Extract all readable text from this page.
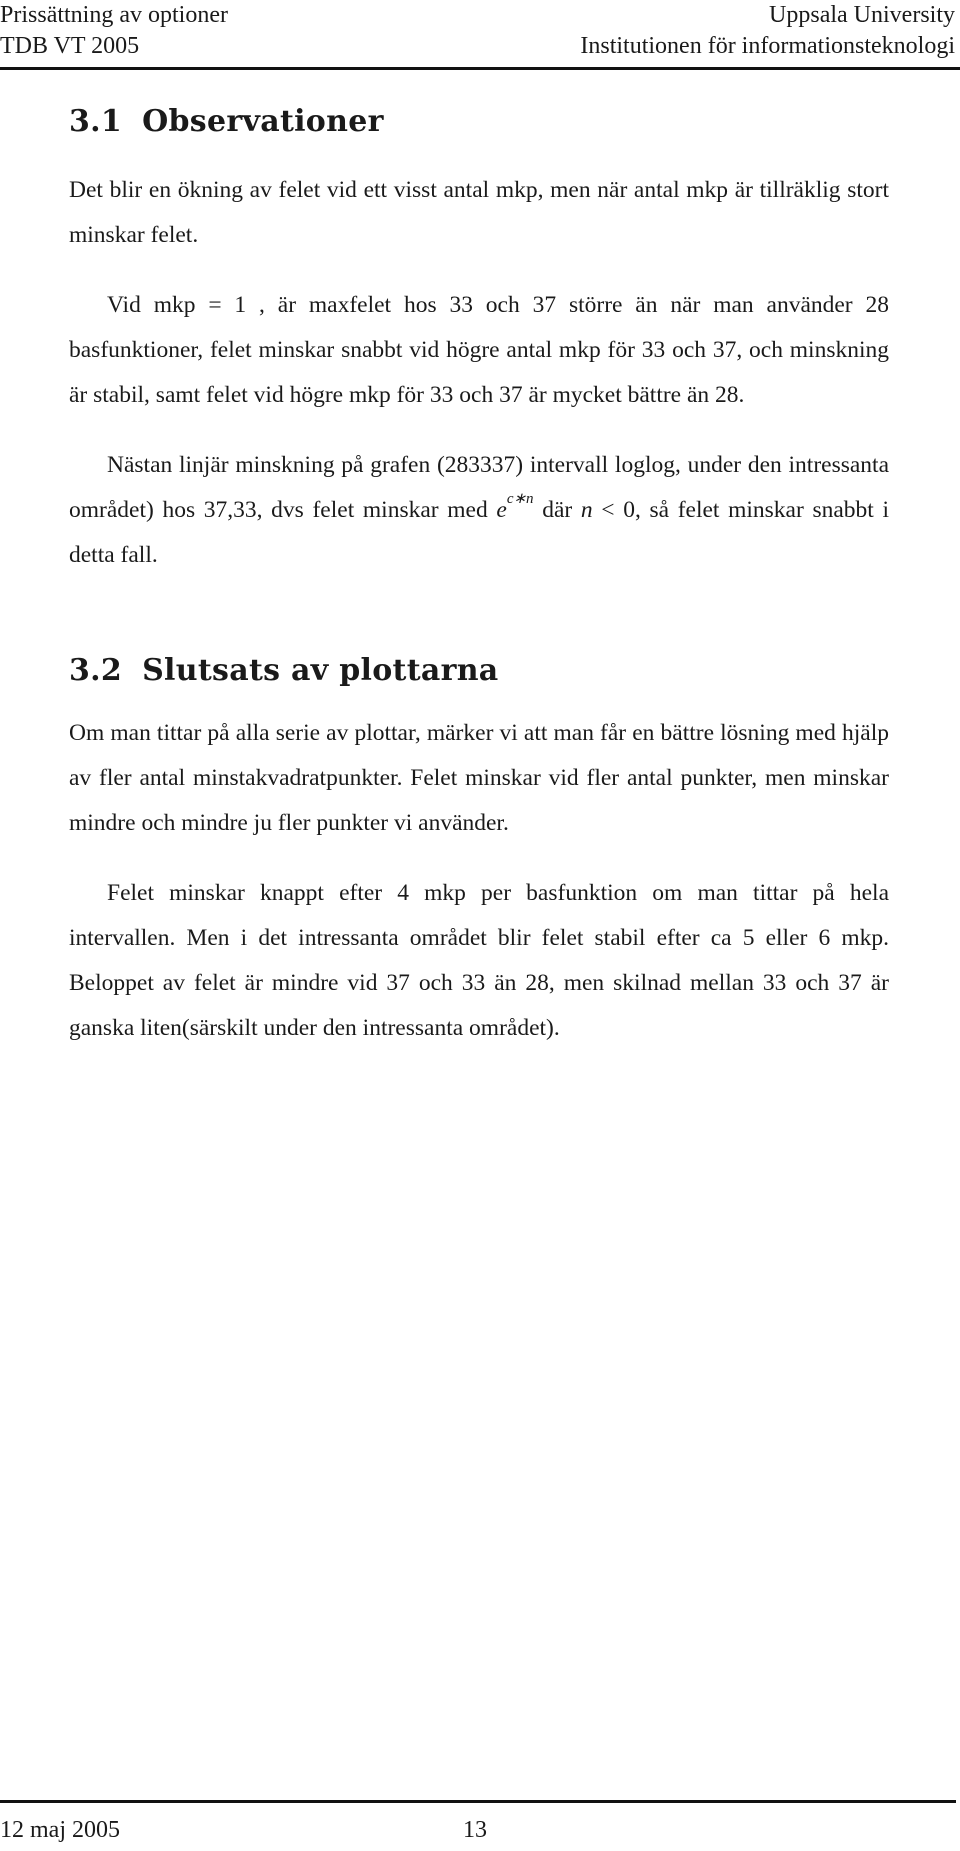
Prissättning av optioner
TDB VT 2005
Uppsala University
Institutionen för informationsteknologi
3.1 Observationer

Det blir en ökning av felet vid ett visst antal mkp, men när antal mkp är tillräklig stort minskar felet.

Vid mkp = 1 , är maxfelet hos 33 och 37 större än när man använder 28 basfunktioner, felet minskar snabbt vid högre antal mkp för 33 och 37, och minskning är stabil, samt felet vid högre mkp för 33 och 37 är mycket bättre än 28.

Nästan linjär minskning på grafen (283337) intervall loglog, under den intressanta området) hos 37,33, dvs felet minskar med $e^{c∗n}$ där n < 0, så felet minskar snabbt i detta fall.

3.2 Slutsats av plottarna

Om man tittar på alla serie av plottar, märker vi att man får en bättre lösning med hjälp av fler antal minstakvadratpunkter. Felet minskar vid fler antal punkter, men minskar mindre och mindre ju fler punkter vi använder.

Felet minskar knappt efter 4 mkp per basfunktion om man tittar på hela intervallen. Men i det intressanta området blir felet stabil efter ca 5 eller 6 mkp. Beloppet av felet är mindre vid 37 och 33 än 28, men skilnad mellan 33 och 37 är ganska liten(särskilt under den intressanta området).

12 maj 2005	13
